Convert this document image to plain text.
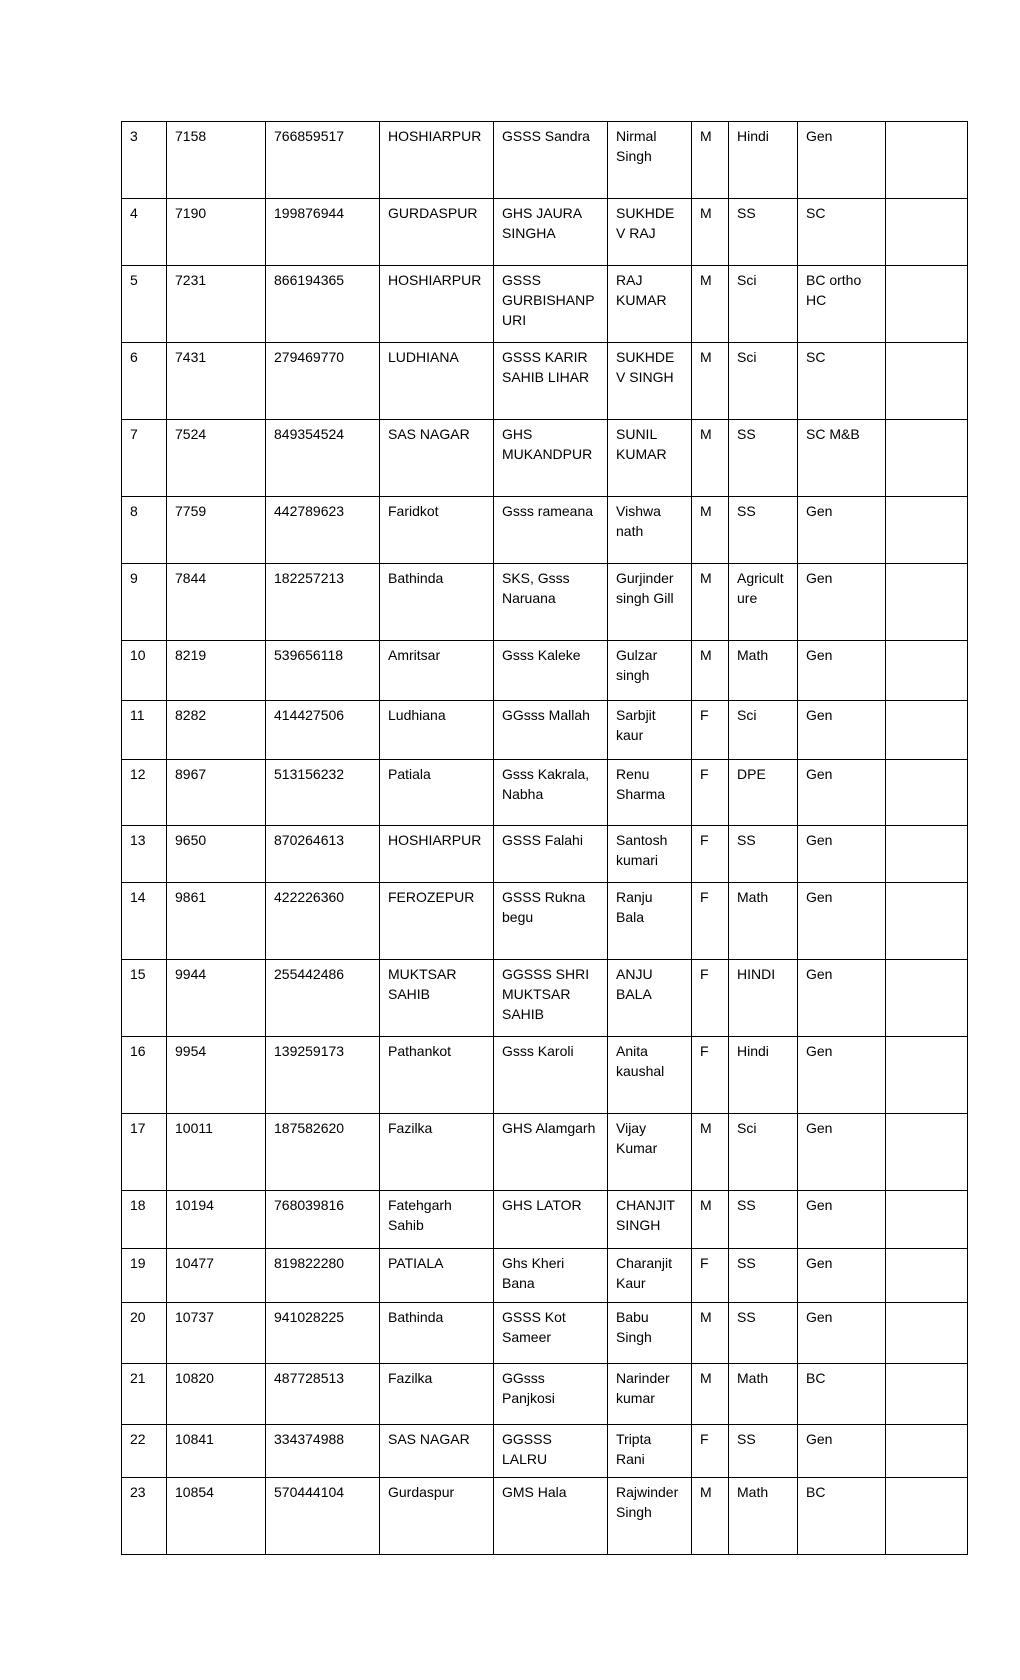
3	7158	766859517	HOSHIARPUR	GSSS Sandra	Nirmal Singh	M	Hindi	Gen	
4	7190	199876944	GURDASPUR	GHS JAURA SINGHA	SUKHDEV RAJ	M	SS	SC	
5	7231	866194365	HOSHIARPUR	GSSS GURBISHANPURI	RAJ KUMAR	M	Sci	BC ortho HC	
6	7431	279469770	LUDHIANA	GSSS KARIR SAHIB LIHAR	SUKHDEV SINGH	M	Sci	SC	
7	7524	849354524	SAS NAGAR	GHS MUKANDPUR	SUNIL KUMAR	M	SS	SC M&B	
8	7759	442789623	Faridkot	Gsss rameana	Vishwa nath	M	SS	Gen	
9	7844	182257213	Bathinda	SKS, Gsss Naruana	Gurjinder singh Gill	M	Agriculture	Gen	
10	8219	539656118	Amritsar	Gsss Kaleke	Gulzar singh	M	Math	Gen	
11	8282	414427506	Ludhiana	GGsss Mallah	Sarbjit kaur	F	Sci	Gen	
12	8967	513156232	Patiala	Gsss Kakrala, Nabha	Renu Sharma	F	DPE	Gen	
13	9650	870264613	HOSHIARPUR	GSSS Falahi	Santosh kumari	F	SS	Gen	
14	9861	422226360	FEROZEPUR	GSSS Rukna begu	Ranju Bala	F	Math	Gen	
15	9944	255442486	MUKTSAR SAHIB	GGSSS SHRI MUKTSAR SAHIB	ANJU BALA	F	HINDI	Gen	
16	9954	139259173	Pathankot	Gsss Karoli	Anita kaushal	F	Hindi	Gen	
17	10011	187582620	Fazilka	GHS Alamgarh	Vijay Kumar	M	Sci	Gen	
18	10194	768039816	Fatehgarh Sahib	GHS LATOR	CHANJIT SINGH	M	SS	Gen	
19	10477	819822280	PATIALA	Ghs Kheri Bana	Charanjit Kaur	F	SS	Gen	
20	10737	941028225	Bathinda	GSSS Kot Sameer	Babu Singh	M	SS	Gen	
21	10820	487728513	Fazilka	GGsss Panjkosi	Narinder kumar	M	Math	BC	
22	10841	334374988	SAS NAGAR	GGSSS LALRU	Tripta Rani	F	SS	Gen	
23	10854	570444104	Gurdaspur	GMS Hala	Rajwinder Singh	M	Math	BC	
